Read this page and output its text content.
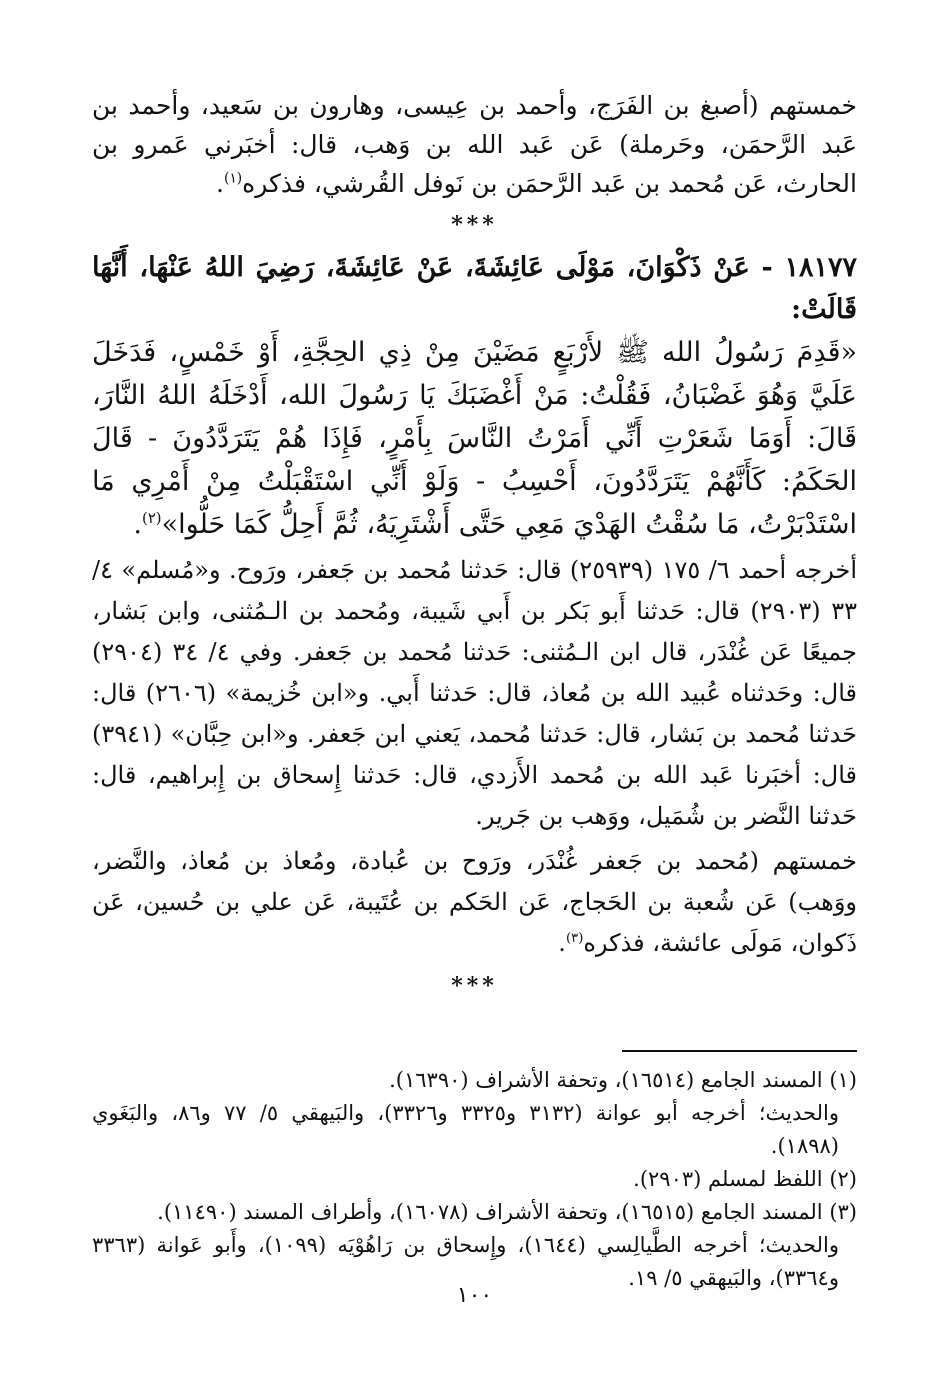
خمستهم (أصبغ بن الفَرَج، وأحمد بن عِيسى، وهارون بن سَعيد، وأحمد بن عَبد الرَّحمَن، وحَرملة) عَن عَبد الله بن وَهب، قال: أخبَرني عَمرو بن الحارث، عَن مُحمد بن عَبد الرَّحمَن بن نَوفل القُرشي، فذكره$^{(١)}$.

***

١٨١٧٧ - عَنْ ذَكْوَانَ، مَوْلَى عَائِشَةَ، عَنْ عَائِشَةَ، رَضِيَ اللهُ عَنْهَا، أَنَّهَا قَالَتْ:

«قَدِمَ رَسُولُ الله ﷺ لأَرْبَعٍ مَضَيْنَ مِنْ ذِي الحِجَّةِ، أَوْ خَمْسٍ، فَدَخَلَ عَلَيَّ وَهُوَ غَضْبَانُ، فَقُلْتُ: مَنْ أَغْضَبَكَ يَا رَسُولَ الله، أَدْخَلَهُ اللهُ النَّارَ، قَالَ: أَوَمَا شَعَرْتِ أَنِّي أَمَرْتُ النَّاسَ بِأَمْرٍ، فَإِذَا هُمْ يَتَرَدَّدُونَ - قَالَ الحَكَمُ: كَأَنَّهُمْ يَتَرَدَّدُونَ، أَحْسِبُ - وَلَوْ أَنِّي اسْتَقْبَلْتُ مِنْ أَمْرِي مَا اسْتَدْبَرْتُ، مَا سُقْتُ الهَدْيَ مَعِي حَتَّى أَشْتَرِيَهُ، ثُمَّ أَحِلُّ كَمَا حَلُّوا»$^{(٢)}$.

أخرجه أحمد ٦/ ١٧٥ (٢٥٩٣٩) قال: حَدثنا مُحمد بن جَعفر، ورَوح. و«مُسلم» ٤/ ٣٣ (٢٩٠٣) قال: حَدثنا أَبو بَكر بن أَبي شَيبة، ومُحمد بن الـمُثنى، وابن بَشار، جميعًا عَن غُنْدَر، قال ابن الـمُثنى: حَدثنا مُحمد بن جَعفر. وفي ٤/ ٣٤ (٢٩٠٤) قال: وحَدثناه عُبيد الله بن مُعاذ، قال: حَدثنا أَبي. و«ابن خُزيمة» (٢٦٠٦) قال: حَدثنا مُحمد بن بَشار، قال: حَدثنا مُحمد، يَعني ابن جَعفر. و«ابن حِبَّان» (٣٩٤١) قال: أخبَرنا عَبد الله بن مُحمد الأَزدي، قال: حَدثنا إِسحاق بن إِبراهيم، قال: حَدثنا النَّضر بن شُمَيل، ووَهب بن جَرير.

خمستهم (مُحمد بن جَعفر غُنْدَر، ورَوح بن عُبادة، ومُعاذ بن مُعاذ، والنَّضر، ووَهب) عَن شُعبة بن الحَجاج، عَن الحَكم بن عُتَيبة، عَن علي بن حُسين، عَن ذَكوان، مَولَى عائشة، فذكره$^{(٣)}$.

***

(١) المسند الجامع (١٦٥١٤)، وتحفة الأشراف (١٦٣٩٠).

والحديث؛ أخرجه أبو عوانة (٣١٣٢ و٣٣٢٥ و٣٣٢٦)، والبَيهقي ٥/ ٧٧ و٨٦، والبَغَوي (١٨٩٨).

(٢) اللفظ لمسلم (٢٩٠٣).

(٣) المسند الجامع (١٦٥١٥)، وتحفة الأشراف (١٦٠٧٨)، وأطراف المسند (١١٤٩٠).

والحديث؛ أخرجه الطَّيالِسي (١٦٤٤)، وإِسحاق بن رَاهُوْيَه (١٠٩٩)، وأَبو عَوانة (٣٣٦٣ و٣٣٦٤)، والبَيهقي ٥/ ١٩.

١٠٠
